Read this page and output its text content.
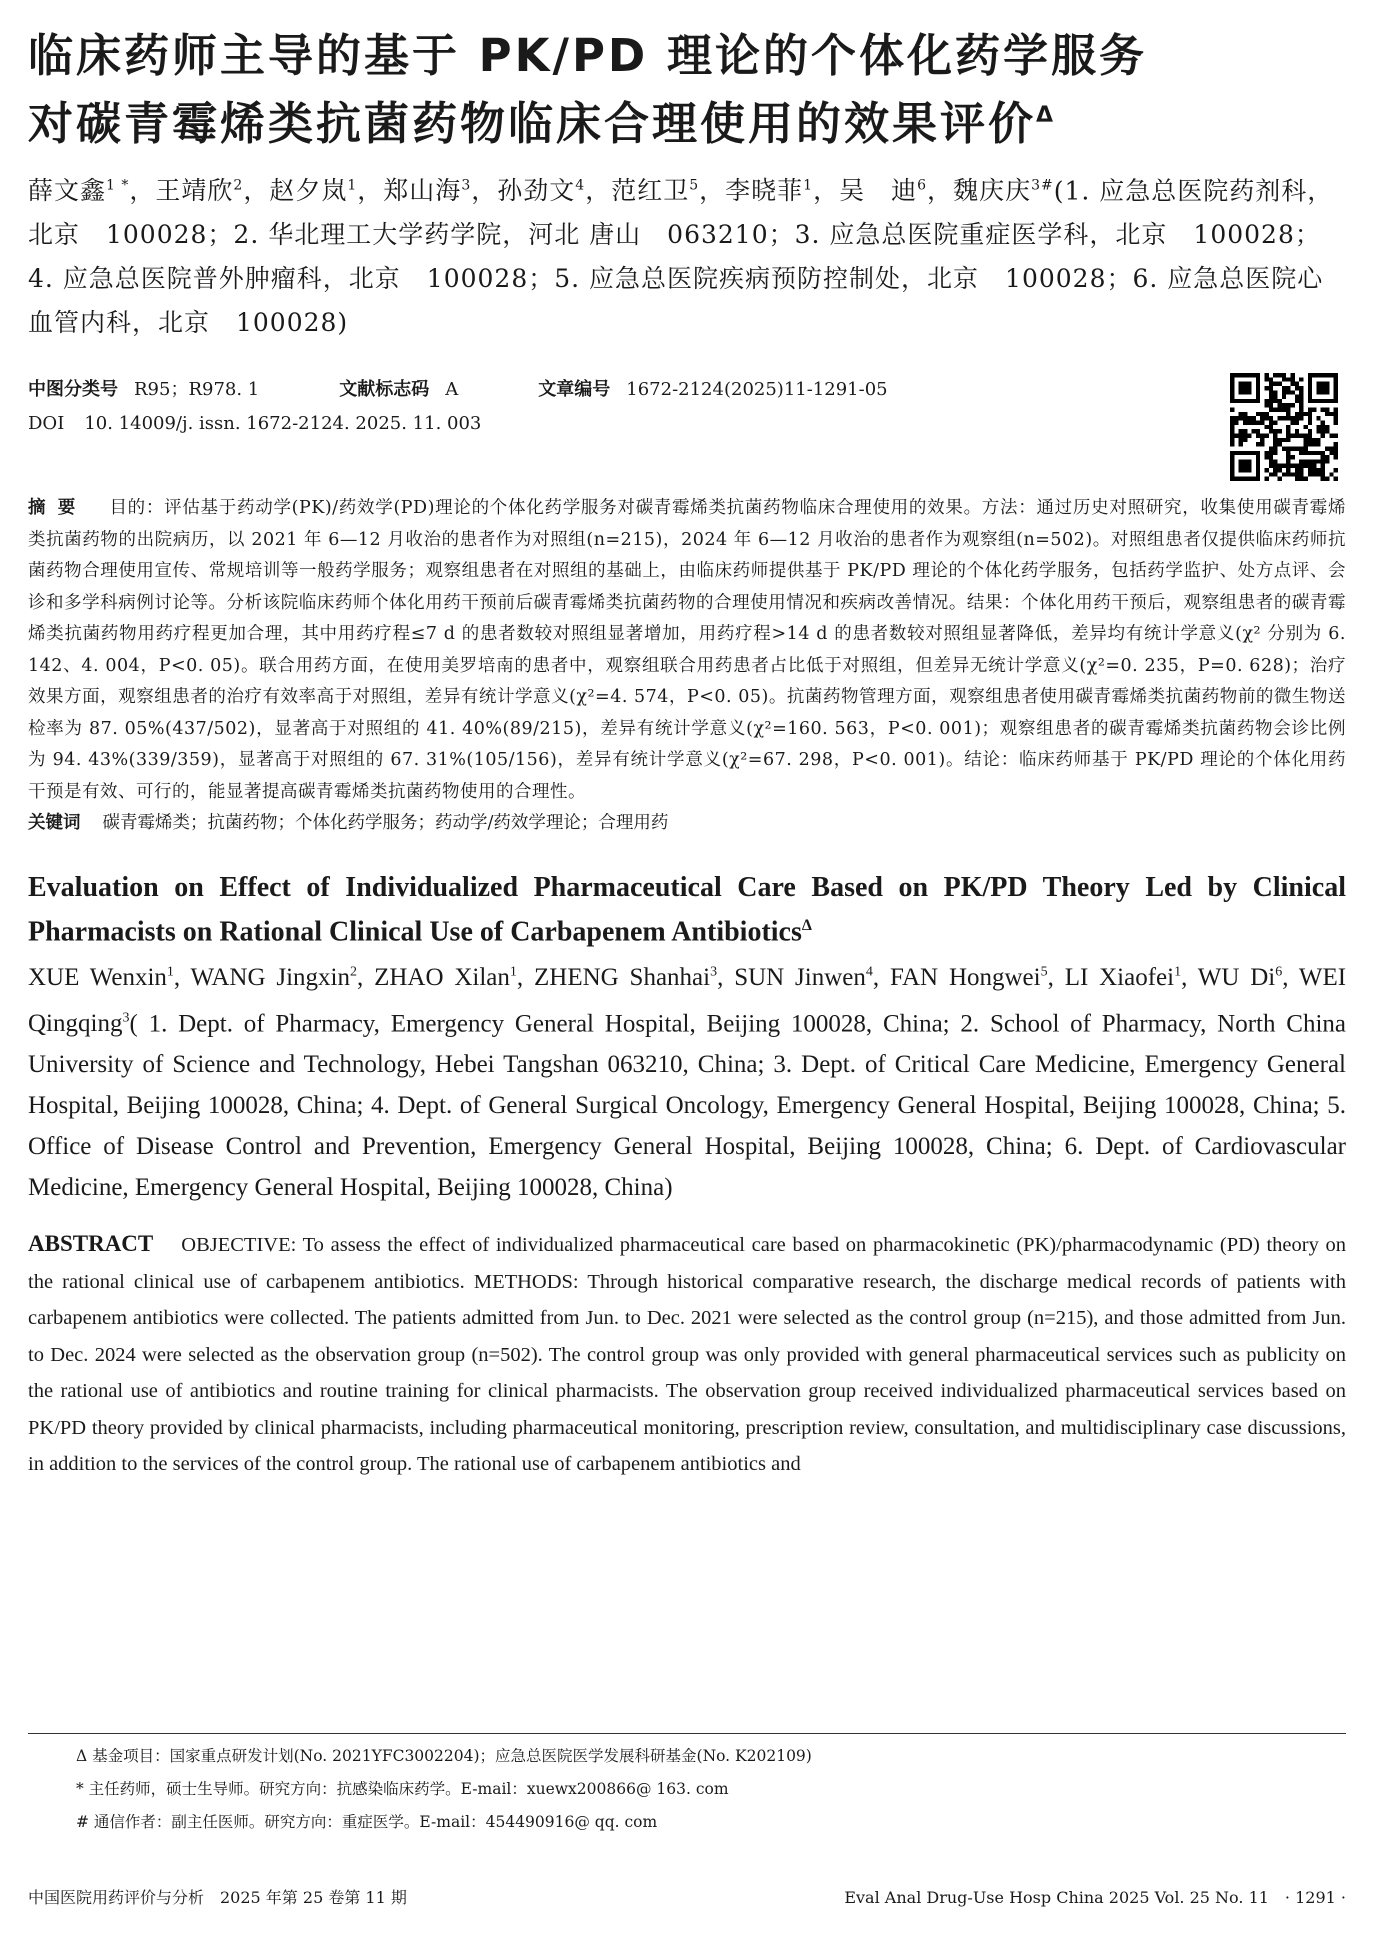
临床药师主导的基于 PK/PD 理论的个体化药学服务
对碳青霉烯类抗菌药物临床合理使用的效果评价$^\Delta$
薛文鑫$^{1 *}$，王靖欣$^2$，赵夕岚$^1$，郑山海$^3$，孙劲文$^4$，范红卫$^5$，李晓菲$^1$，吴　迪$^6$，魏庆庆$^{3\#}$(1. 应急总医院药剂科，北京　100028；2. 华北理工大学药学院，河北 唐山　063210；3. 应急总医院重症医学科，北京　100028；4. 应急总医院普外肿瘤科，北京　100028；5. 应急总医院疾病预防控制处，北京　100028；6. 应急总医院心血管内科，北京　100028)
中图分类号 R95；R978. 1	文献标志码 A	文章编号 1672-2124(2025)11-1291-05
DOI 10. 14009/j. issn. 1672-2124. 2025. 11. 003
摘要 目的：评估基于药动学(PK)/药效学(PD)理论的个体化药学服务对碳青霉烯类抗菌药物临床合理使用的效果。方法：通过历史对照研究，收集使用碳青霉烯类抗菌药物的出院病历，以 2021 年 6—12 月收治的患者作为对照组(n=215)，2024 年 6—12 月收治的患者作为观察组(n=502)。对照组患者仅提供临床药师抗菌药物合理使用宣传、常规培训等一般药学服务；观察组患者在对照组的基础上，由临床药师提供基于 PK/PD 理论的个体化药学服务，包括药学监护、处方点评、会诊和多学科病例讨论等。分析该院临床药师个体化用药干预前后碳青霉烯类抗菌药物的合理使用情况和疾病改善情况。结果：个体化用药干预后，观察组患者的碳青霉烯类抗菌药物用药疗程更加合理，其中用药疗程≤7 d 的患者数较对照组显著增加，用药疗程>14 d 的患者数较对照组显著降低，差异均有统计学意义(χ² 分别为 6. 142、4. 004，P<0. 05)。联合用药方面，在使用美罗培南的患者中，观察组联合用药患者占比低于对照组，但差异无统计学意义(χ²=0. 235，P=0. 628)；治疗效果方面，观察组患者的治疗有效率高于对照组，差异有统计学意义(χ²=4. 574，P<0. 05)。抗菌药物管理方面，观察组患者使用碳青霉烯类抗菌药物前的微生物送检率为 87. 05%(437/502)，显著高于对照组的 41. 40%(89/215)，差异有统计学意义(χ²=160. 563，P<0. 001)；观察组患者的碳青霉烯类抗菌药物会诊比例为 94. 43%(339/359)，显著高于对照组的 67. 31%(105/156)，差异有统计学意义(χ²=67. 298，P<0. 001)。结论：临床药师基于 PK/PD 理论的个体化用药干预是有效、可行的，能显著提高碳青霉烯类抗菌药物使用的合理性。
关键词 碳青霉烯类；抗菌药物；个体化药学服务；药动学/药效学理论；合理用药
Evaluation on Effect of Individualized Pharmaceutical Care Based on PK/PD Theory Led by Clinical Pharmacists on Rational Clinical Use of Carbapenem Antibiotics$^\Delta$
XUE Wenxin$^1$, WANG Jingxin$^2$, ZHAO Xilan$^1$, ZHENG Shanhai$^3$, SUN Jinwen$^4$, FAN Hongwei$^5$, LI Xiaofei$^1$, WU Di$^6$, WEI Qingqing$^3$( 1. Dept. of Pharmacy, Emergency General Hospital, Beijing 100028, China; 2. School of Pharmacy, North China University of Science and Technology, Hebei Tangshan 063210, China; 3. Dept. of Critical Care Medicine, Emergency General Hospital, Beijing 100028, China; 4. Dept. of General Surgical Oncology, Emergency General Hospital, Beijing 100028, China; 5. Office of Disease Control and Prevention, Emergency General Hospital, Beijing 100028, China; 6. Dept. of Cardiovascular Medicine, Emergency General Hospital, Beijing 100028, China)
ABSTRACT OBJECTIVE: To assess the effect of individualized pharmaceutical care based on pharmacokinetic (PK)/pharmacodynamic (PD) theory on the rational clinical use of carbapenem antibiotics. METHODS: Through historical comparative research, the discharge medical records of patients with carbapenem antibiotics were collected. The patients admitted from Jun. to Dec. 2021 were selected as the control group (n=215), and those admitted from Jun. to Dec. 2024 were selected as the observation group (n=502). The control group was only provided with general pharmaceutical services such as publicity on the rational use of antibiotics and routine training for clinical pharmacists. The observation group received individualized pharmaceutical services based on PK/PD theory provided by clinical pharmacists, including pharmaceutical monitoring, prescription review, consultation, and multidisciplinary case discussions, in addition to the services of the control group. The rational use of carbapenem antibiotics and
Δ 基金项目：国家重点研发计划(No. 2021YFC3002204)；应急总医院医学发展科研基金(No. K202109)
* 主任药师，硕士生导师。研究方向：抗感染临床药学。E-mail：xuewx200866@ 163. com
# 通信作者：副主任医师。研究方向：重症医学。E-mail：454490916@ qq. com
中国医院用药评价与分析　2025 年第 25 卷第 11 期	Eval Anal Drug-Use Hosp China 2025 Vol. 25 No. 11　· 1291 ·
